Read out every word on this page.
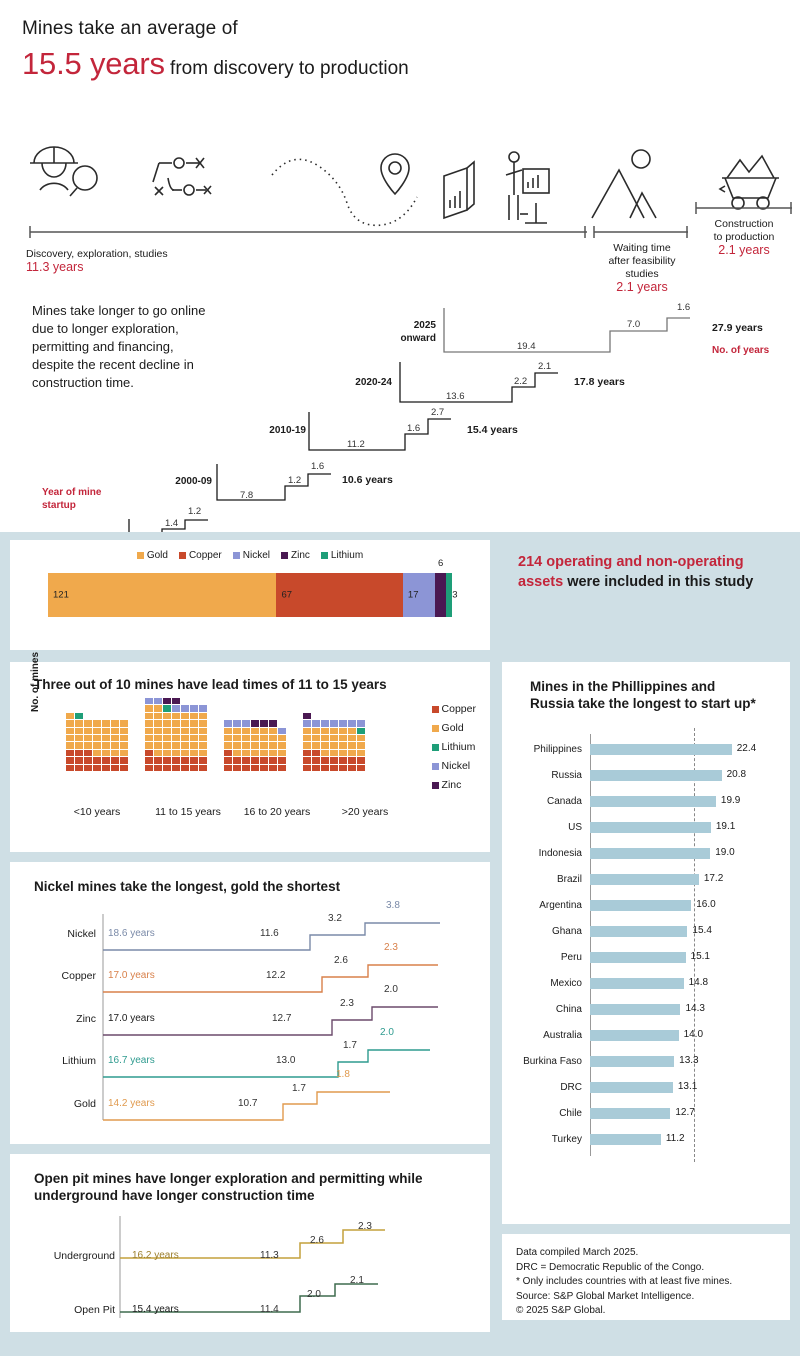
Mines take an average of
15.5 years from discovery to production
Discovery, exploration, studies
11.3 years
Waiting time
after feasibility
studies
2.1 years
Construction
to production
2.1 years
Mines take longer to go online due to longer exploration, permitting and financing, despite the recent decline in construction time.
1.4
1.2
2000-09
7.8
1.2
1.6
10.6 years
2010-19
11.2
1.6
2.7
15.4 years
2020-24
13.6
2.2
2.1
17.8 years
2025
onward
19.4
7.0
1.6
27.9 years
No. of years
Year of mine
startup
Gold Copper Nickel Zinc Lithium
121	67	17
6
3
214 operating and non-operating assets were included in this study
Three out of 10 mines have lead times of 11 to 15 years
No. of mines
<10 years	11 to 15 years	16 to 20 years	>20 years
Copper
Gold
Lithium
Nickel
Zinc
Nickel mines take the longest, gold the shortest
Nickel 18.6 years	11.6
3.2
3.8
Copper 17.0 years	12.2
2.6
2.3
Zinc 17.0 years	12.7
2.3
2.0
Lithium 16.7 years	13.0
1.7
2.0
Gold 14.2 years	10.7
1.7
1.8
Open pit mines have longer exploration and permitting while underground have longer construction time
Underground 16.2 years	11.3
2.6
2.3
Open Pit 15.4 years	11.4
2.0
2.1
Mines in the Phillippines and Russia take the longest to start up*
Philippines	22.4
Russia	20.8
Canada	19.9
US	19.1
Indonesia	19.0
Brazil	17.2
Argentina	16.0
Ghana	15.4
Peru	15.1
Mexico	14.8
China	14.3
Australia	14.0
Burkina Faso	13.3
DRC	13.1
Chile	12.7
Turkey	11.2
Data compiled March 2025.
DRC = Democratic Republic of the Congo.
* Only includes countries with at least five mines.
Source: S&P Global Market Intelligence.
© 2025 S&P Global.
